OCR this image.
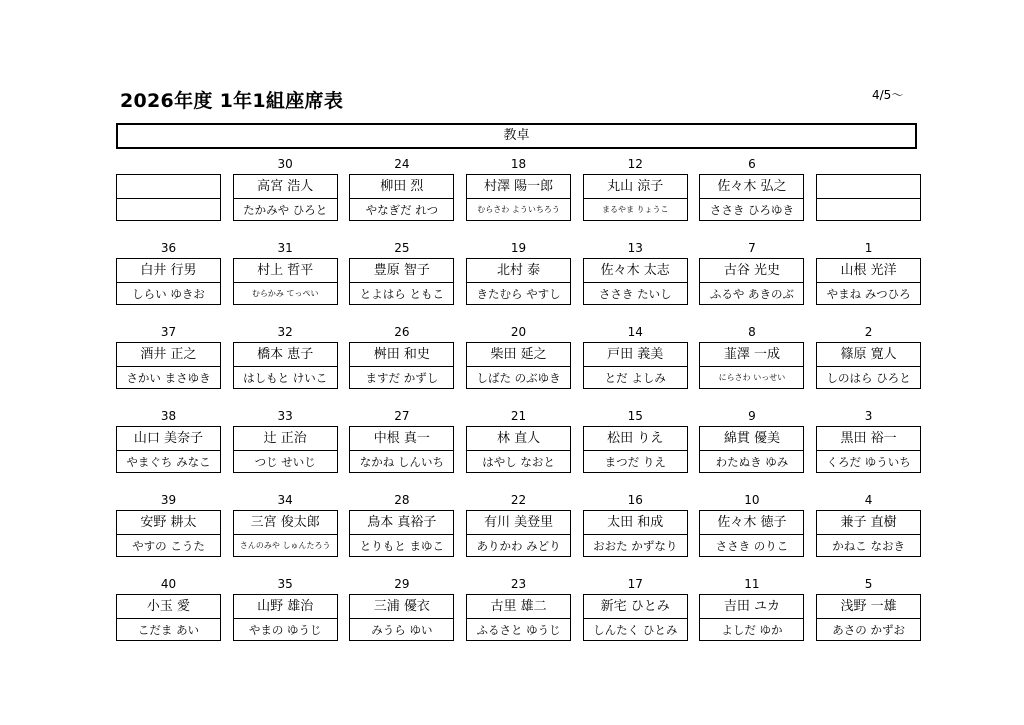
2026年度 1年1組座席表	4/5～
教卓
30
高宮 浩人
たかみや ひろと
24
柳田 烈
やなぎだ れつ
18
村澤 陽一郎
むらさわ よういちろう
12
丸山 涼子
まるやま りょうこ
6
佐々木 弘之
ささき ひろゆき
36
白井 行男
しらい ゆきお
31
村上 哲平
むらかみ てっぺい
25
豊原 智子
とよはら ともこ
19
北村 泰
きたむら やすし
13
佐々木 太志
ささき たいし
7
古谷 光史
ふるや あきのぶ
1
山根 光洋
やまね みつひろ
37
酒井 正之
さかい まさゆき
32
橋本 恵子
はしもと けいこ
26
桝田 和史
ますだ かずし
20
柴田 延之
しばた のぶゆき
14
戸田 義美
とだ よしみ
8
韮澤 一成
にらさわ いっせい
2
篠原 寛人
しのはら ひろと
38
山口 美奈子
やまぐち みなこ
33
辻 正治
つじ せいじ
27
中根 真一
なかね しんいち
21
林 直人
はやし なおと
15
松田 りえ
まつだ りえ
9
綿貫 優美
わたぬき ゆみ
3
黒田 裕一
くろだ ゆういち
39
安野 耕太
やすの こうた
34
三宮 俊太郎
さんのみや しゅんたろう
28
鳥本 真裕子
とりもと まゆこ
22
有川 美登里
ありかわ みどり
16
太田 和成
おおた かずなり
10
佐々木 徳子
ささき のりこ
4
兼子 直樹
かねこ なおき
40
小玉 愛
こだま あい
35
山野 雄治
やまの ゆうじ
29
三浦 優衣
みうら ゆい
23
古里 雄二
ふるさと ゆうじ
17
新宅 ひとみ
しんたく ひとみ
11
吉田 ユカ
よしだ ゆか
5
浅野 一雄
あさの かずお
